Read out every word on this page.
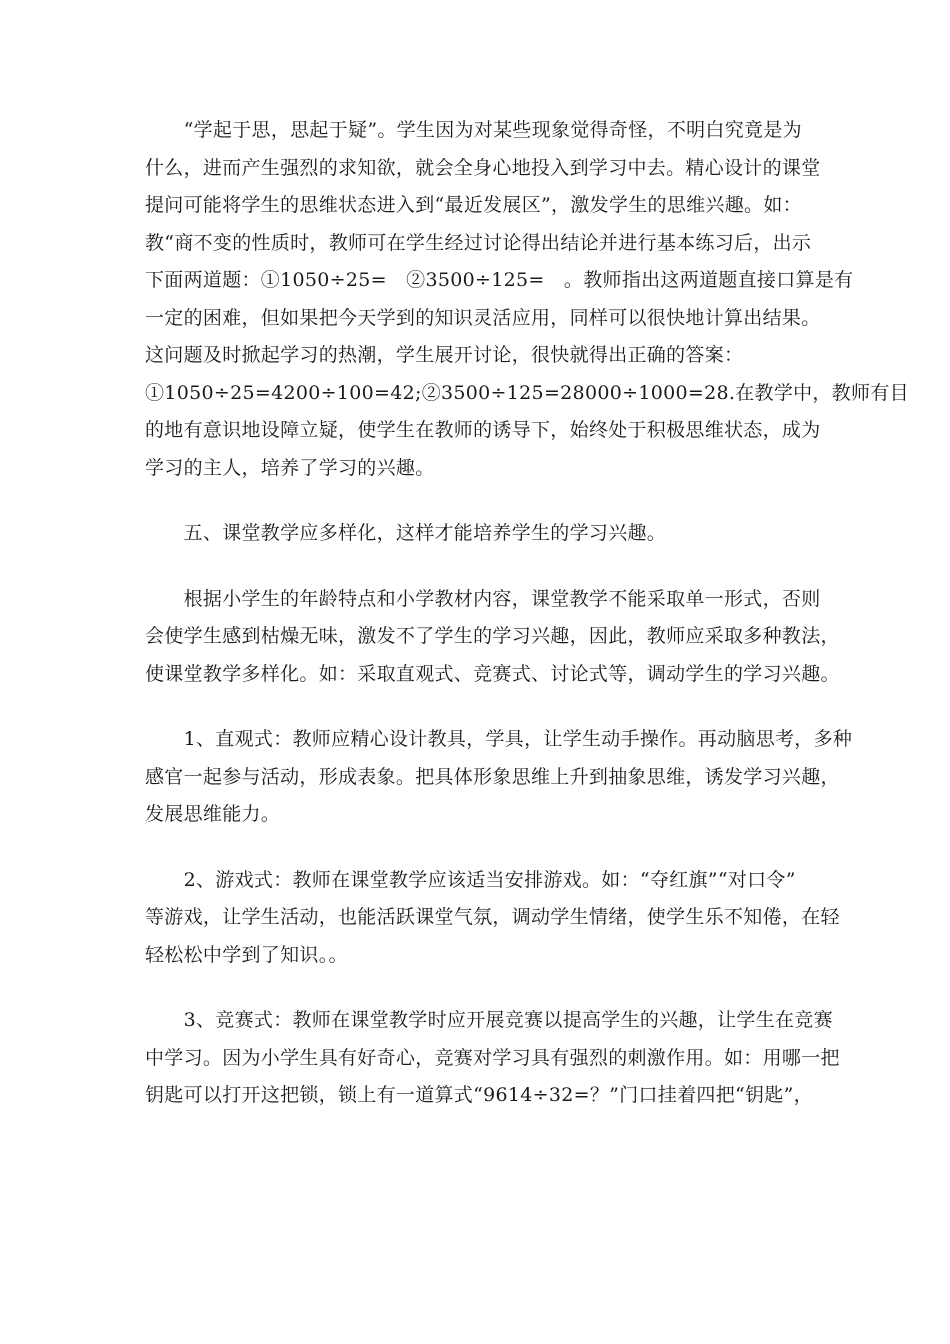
　　“学起于思，思起于疑”。学生因为对某些现象觉得奇怪，不明白究竟是为
什么，进而产生强烈的求知欲，就会全身心地投入到学习中去。精心设计的课堂
提问可能将学生的思维状态进入到“最近发展区”，激发学生的思维兴趣。如：
教“商不变的性质时，教师可在学生经过讨论得出结论并进行基本练习后，出示
下面两道题：①1050÷25=　②3500÷125=　。教师指出这两道题直接口算是有
一定的困难，但如果把今天学到的知识灵活应用，同样可以很快地计算出结果。
这问题及时掀起学习的热潮，学生展开讨论，很快就得出正确的答案：
①1050÷25=4200÷100=42;②3500÷125=28000÷1000=28.在教学中，教师有目
的地有意识地设障立疑，使学生在教师的诱导下，始终处于积极思维状态，成为
学习的主人，培养了学习的兴趣。

　　五、课堂教学应多样化，这样才能培养学生的学习兴趣。

　　根据小学生的年龄特点和小学教材内容，课堂教学不能采取单一形式，否则
会使学生感到枯燥无味，激发不了学生的学习兴趣，因此，教师应采取多种教法，
使课堂教学多样化。如：采取直观式、竞赛式、讨论式等，调动学生的学习兴趣。

　　1、直观式：教师应精心设计教具，学具，让学生动手操作。再动脑思考，多种
感官一起参与活动，形成表象。把具体形象思维上升到抽象思维，诱发学习兴趣，
发展思维能力。

　　2、游戏式：教师在课堂教学应该适当安排游戏。如：“夺红旗”“对口令”
等游戏，让学生活动，也能活跃课堂气氛，调动学生情绪，使学生乐不知倦，在轻
轻松松中学到了知识。。

　　3、竞赛式：教师在课堂教学时应开展竞赛以提高学生的兴趣，让学生在竞赛
中学习。因为小学生具有好奇心，竞赛对学习具有强烈的刺激作用。如：用哪一把
钥匙可以打开这把锁，锁上有一道算式“9614÷32=？”门口挂着四把“钥匙”，
